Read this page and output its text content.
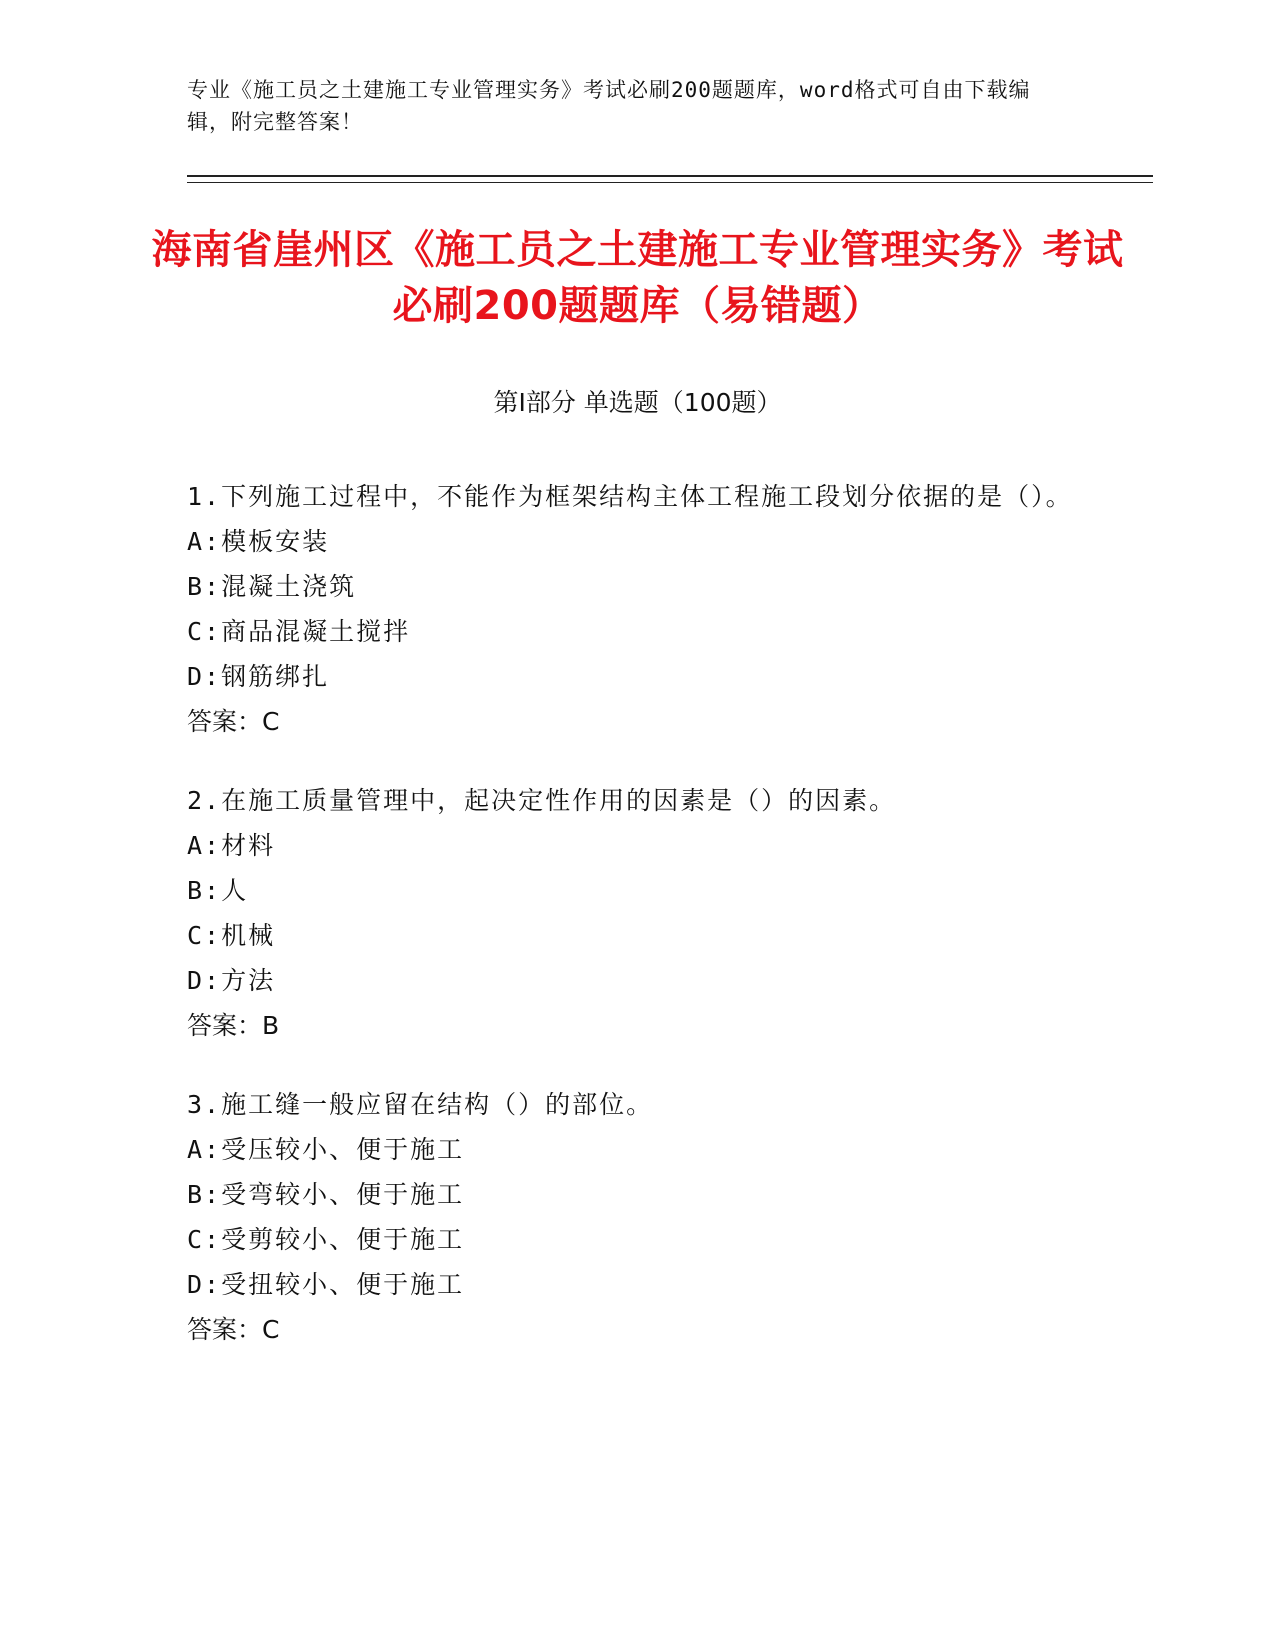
专业《施工员之土建施工专业管理实务》考试必刷200题题库，word格式可自由下载编辑，附完整答案！
海南省崖州区《施工员之土建施工专业管理实务》考试必刷200题题库（易错题）
第I部分 单选题（100题）
1.下列施工过程中，不能作为框架结构主体工程施工段划分依据的是（）。
A:模板安装
B:混凝土浇筑
C:商品混凝土搅拌
D:钢筋绑扎
答案：C
2.在施工质量管理中，起决定性作用的因素是（）的因素。
A:材料
B:人
C:机械
D:方法
答案：B
3.施工缝一般应留在结构（）的部位。
A:受压较小、便于施工
B:受弯较小、便于施工
C:受剪较小、便于施工
D:受扭较小、便于施工
答案：C
